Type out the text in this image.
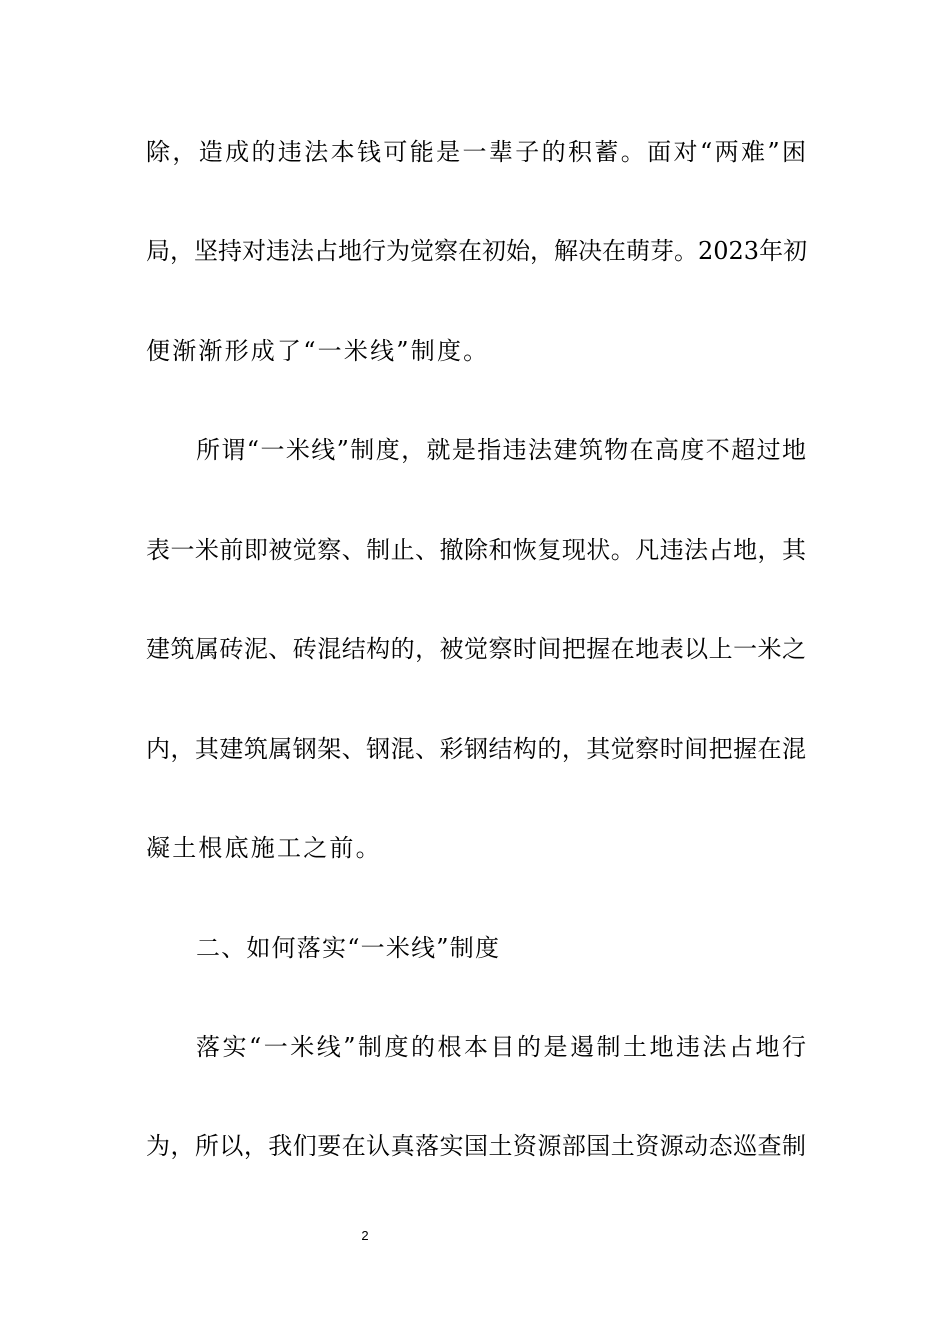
除，造成的违法本钱可能是一辈子的积蓄。面对“两难”困
局，坚持对违法占地行为觉察在初始，解决在萌芽。2023年初
便渐渐形成了“一米线”制度。
所谓“一米线”制度，就是指违法建筑物在高度不超过地
表一米前即被觉察、制止、撤除和恢复现状。凡违法占地，其
建筑属砖泥、砖混结构的，被觉察时间把握在地表以上一米之
内，其建筑属钢架、钢混、彩钢结构的，其觉察时间把握在混
凝土根底施工之前。
二、如何落实“一米线”制度
落实“一米线”制度的根本目的是遏制土地违法占地行
为，所以，我们要在认真落实国土资源部国土资源动态巡查制
2
